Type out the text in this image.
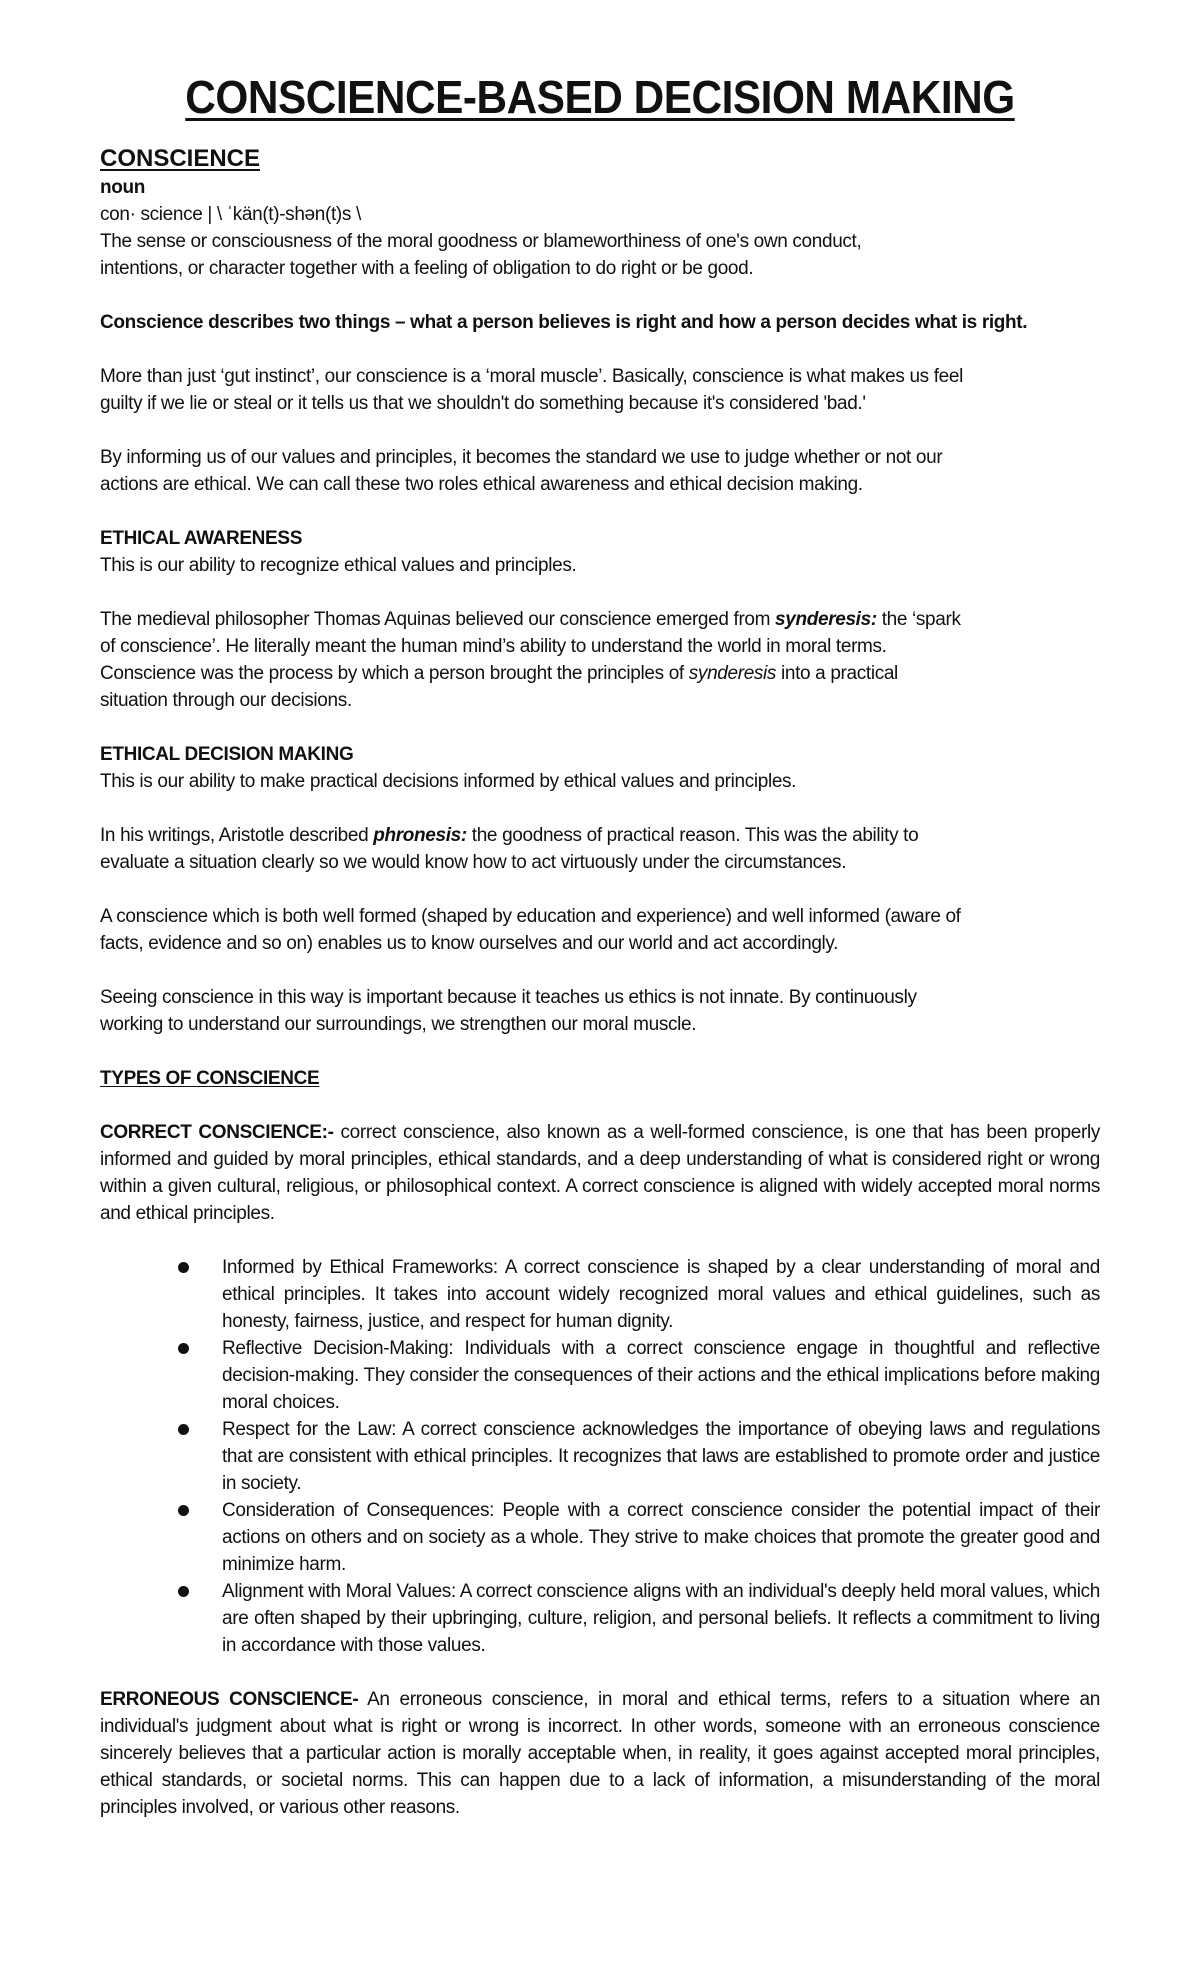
CONSCIENCE-BASED DECISION MAKING

CONSCIENCE

noun

con· science | \ ˈkän(t)-shən(t)s \

The sense or consciousness of the moral goodness or blameworthiness of one's own conduct,

intentions, or character together with a feeling of obligation to do right or be good.

Conscience describes two things – what a person believes is right and how a person decides what is right.

More than just ‘gut instinct’, our conscience is a ‘moral muscle’. Basically, conscience is what makes us feel

guilty if we lie or steal or it tells us that we shouldn't do something because it's considered 'bad.'

By informing us of our values and principles, it becomes the standard we use to judge whether or not our

actions are ethical. We can call these two roles ethical awareness and ethical decision making.

ETHICAL AWARENESS

This is our ability to recognize ethical values and principles.

The medieval philosopher Thomas Aquinas believed our conscience emerged from synderesis: the ‘spark

of conscience’. He literally meant the human mind’s ability to understand the world in moral terms.

Conscience was the process by which a person brought the principles of synderesis into a practical

situation through our decisions.

ETHICAL DECISION MAKING

This is our ability to make practical decisions informed by ethical values and principles.

In his writings, Aristotle described phronesis: the goodness of practical reason. This was the ability to

evaluate a situation clearly so we would know how to act virtuously under the circumstances.

A conscience which is both well formed (shaped by education and experience) and well informed (aware of

facts, evidence and so on) enables us to know ourselves and our world and act accordingly.

Seeing conscience in this way is important because it teaches us ethics is not innate. By continuously

working to understand our surroundings, we strengthen our moral muscle.

TYPES OF CONSCIENCE

CORRECT CONSCIENCE:- correct conscience, also known as a well-formed conscience, is one that has been properly informed and guided by moral principles, ethical standards, and a deep understanding of what is considered right or wrong within a given cultural, religious, or philosophical context. A correct conscience is aligned with widely accepted moral norms and ethical principles.

Informed by Ethical Frameworks: A correct conscience is shaped by a clear understanding of moral and ethical principles. It takes into account widely recognized moral values and ethical guidelines, such as honesty, fairness, justice, and respect for human dignity.
Reflective Decision-Making: Individuals with a correct conscience engage in thoughtful and reflective decision-making. They consider the consequences of their actions and the ethical implications before making moral choices.
Respect for the Law: A correct conscience acknowledges the importance of obeying laws and regulations that are consistent with ethical principles. It recognizes that laws are established to promote order and justice in society.
Consideration of Consequences: People with a correct conscience consider the potential impact of their actions on others and on society as a whole. They strive to make choices that promote the greater good and minimize harm.
Alignment with Moral Values: A correct conscience aligns with an individual's deeply held moral values, which are often shaped by their upbringing, culture, religion, and personal beliefs. It reflects a commitment to living in accordance with those values.

ERRONEOUS CONSCIENCE- An erroneous conscience, in moral and ethical terms, refers to a situation where an individual's judgment about what is right or wrong is incorrect. In other words, someone with an erroneous conscience sincerely believes that a particular action is morally acceptable when, in reality, it goes against accepted moral principles, ethical standards, or societal norms. This can happen due to a lack of information, a misunderstanding of the moral principles involved, or various other reasons.
